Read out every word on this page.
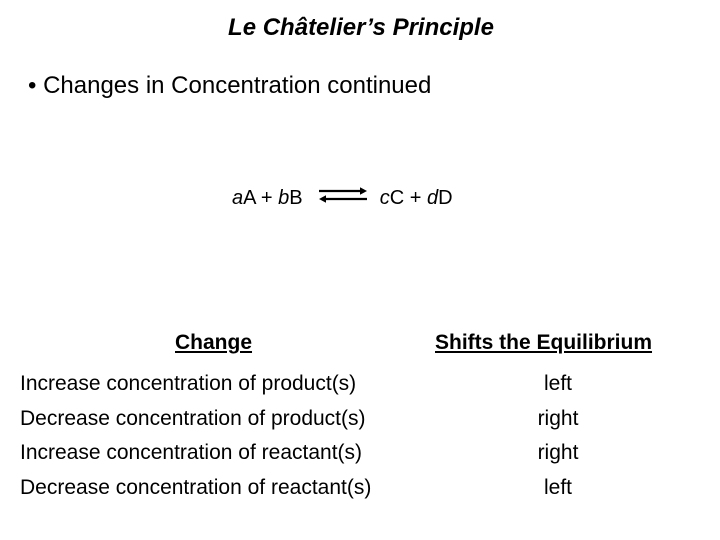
Le Châtelier’s Principle
• Changes in Concentration continued
aA + bB ⇌ cC + dD
Change	Shifts the Equilibrium
Increase concentration of product(s)	left
Decrease concentration of product(s)	right
Increase concentration of reactant(s)	right
Decrease concentration of reactant(s)	left
